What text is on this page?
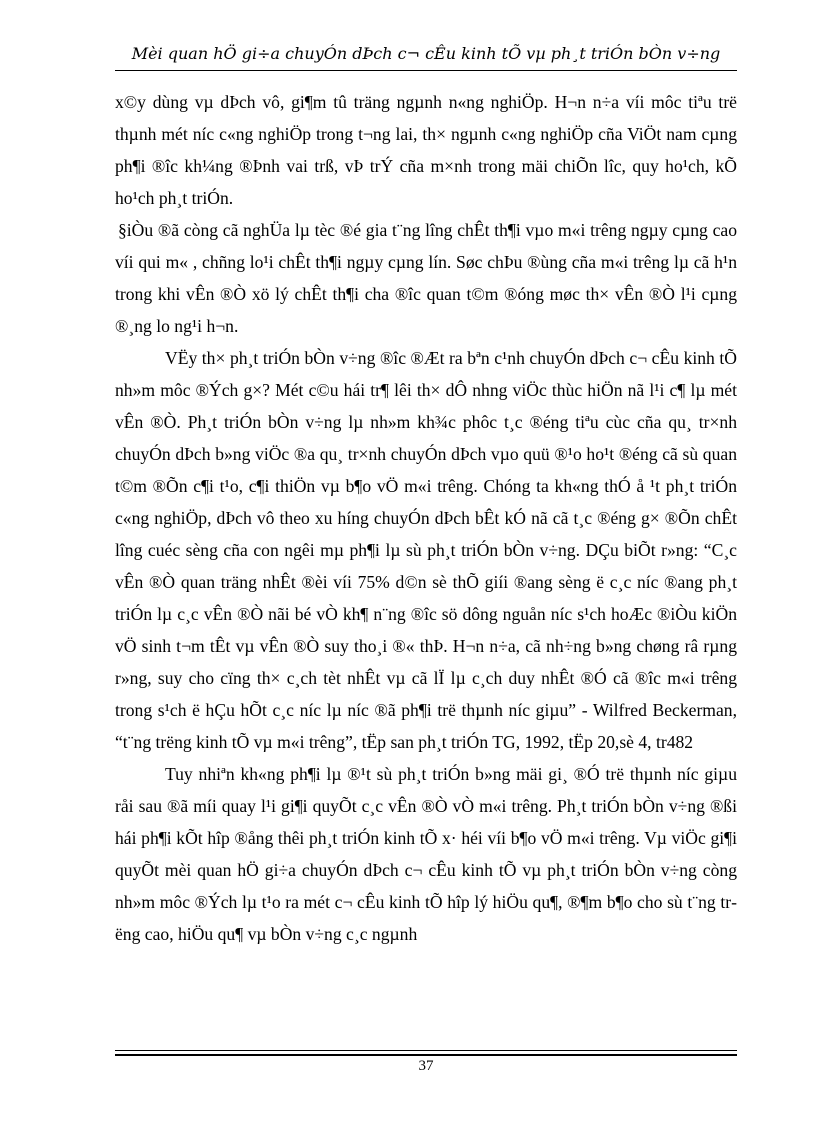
Mèi quan hÖ gi÷a chuyÓn dÞch c¬ cÊu kinh tÕ vµ ph¸t triÓn bÒn v÷ng

x©y dùng vµ dÞch vô, gi¶m tû träng ngµnh n«ng nghiÖp. H¬n n÷a víi môc tiªu trë thµnh mét níc c«ng nghiÖp trong t¬ng lai, th× ngµnh c«ng nghiÖp cña ViÖt nam cµng ph¶i ®îc kh¼ng ®Þnh vai trß, vÞ trÝ cña m×nh trong mäi chiÕn lîc, quy ho¹ch, kÕ ho¹ch ph¸t triÓn.

§iÒu ®ã còng cã nghÜa lµ tèc ®é gia t¨ng lîng chÊt th¶i vµo m«i trêng ngµy cµng cao víi qui m« , chñng lo¹i chÊt th¶i ngµy cµng lín. Søc chÞu ®ùng cña m«i trêng lµ cã h¹n trong khi vÊn ®Ò xö lý chÊt th¶i cha ®îc quan t©m ®óng møc th× vÊn ®Ò l¹i cµng ®¸ng lo ng¹i h¬n.

VËy th× ph¸t triÓn bÒn v÷ng ®îc ®Æt ra bªn c¹nh chuyÓn dÞch c¬ cÊu kinh tÕ nh»m môc ®Ých g×? Mét c©u hái tr¶ lêi th× dÔ nhng viÖc thùc hiÖn nã l¹i c¶ lµ mét vÊn ®Ò. Ph¸t triÓn bÒn v÷ng lµ nh»m kh¾c phôc t¸c ®éng tiªu cùc cña qu¸ tr×nh chuyÓn dÞch b»ng viÖc ®a qu¸ tr×nh chuyÓn dÞch vµo quü ®¹o ho¹t ®éng cã sù quan t©m ®Õn c¶i t¹o, c¶i thiÖn vµ b¶o vÖ m«i trêng. Chóng ta kh«ng thÓ å ¹t ph¸t triÓn c«ng nghiÖp, dÞch vô theo xu híng chuyÓn dÞch bÊt kÓ nã cã t¸c ®éng g× ®Õn chÊt lîng cuéc sèng cña con ngêi mµ ph¶i lµ sù ph¸t triÓn bÒn v÷ng. DÇu biÕt r»ng: “C¸c vÊn ®Ò quan träng nhÊt ®èi víi 75% d©n sè thÕ giíi ®ang sèng ë c¸c níc ®ang ph¸t triÓn lµ c¸c vÊn ®Ò nãi bé vÒ kh¶ n¨ng ®îc sö dông nguån níc s¹ch hoÆc ®iÒu kiÖn vÖ sinh t¬m tÊt vµ vÊn ®Ò suy tho¸i ®« thÞ. H¬n n÷a, cã nh÷ng b»ng chøng râ rµng r»ng, suy cho cïng th× c¸ch tèt nhÊt vµ cã lÏ lµ c¸ch duy nhÊt ®Ó cã ®îc m«i trêng trong s¹ch ë hÇu hÕt c¸c níc lµ níc ®ã ph¶i trë thµnh níc giµu” - Wilfred Beckerman, “t¨ng trëng kinh tÕ vµ m«i trêng”, tËp san ph¸t triÓn TG, 1992, tËp 20,sè 4, tr482

Tuy nhiªn kh«ng ph¶i lµ ®¹t sù ph¸t triÓn b»ng mäi gi¸ ®Ó trë thµnh níc giµu råi sau ®ã míi quay l¹i gi¶i quyÕt c¸c vÊn ®Ò vÒ m«i trêng. Ph¸t triÓn bÒn v÷ng ®ßi hái ph¶i kÕt hîp ®ång thêi ph¸t triÓn kinh tÕ x· héi víi b¶o vÖ m«i trêng. Vµ viÖc gi¶i quyÕt mèi quan hÖ gi÷a chuyÓn dÞch c¬ cÊu kinh tÕ vµ ph¸t triÓn bÒn v÷ng còng nh»m môc ®Ých lµ t¹o ra mét c¬ cÊu kinh tÕ hîp lý hiÖu qu¶, ®¶m b¶o cho sù t¨ng trëng cao, hiÖu qu¶ vµ bÒn v÷ng c¸c ngµnh

37
